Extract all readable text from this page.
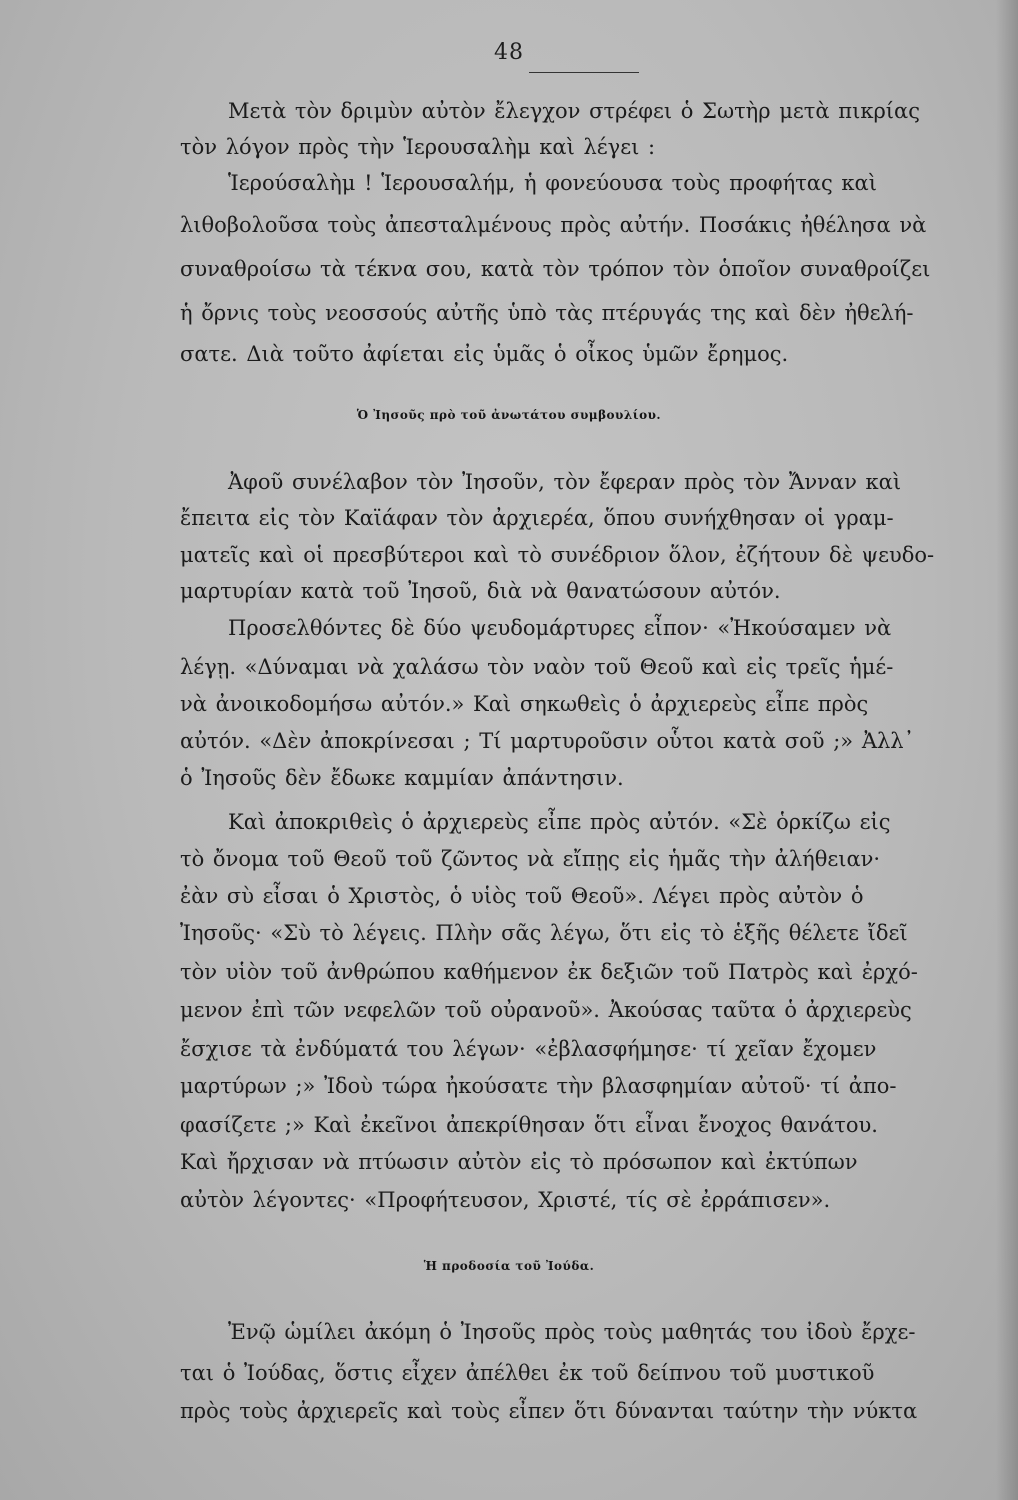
48

Μετὰ τὸν δριμὺν αὐτὸν ἔλεγχον στρέφει ὁ Σωτὴρ μετὰ πικρίας

τὸν λόγον πρὸς τὴν Ἱερουσαλὴμ καὶ λέγει :

Ἱερούσαλὴμ ! Ἱερουσαλήμ, ἡ φονεύουσα τοὺς προφήτας καὶ

λιθοβολοῦσα τοὺς ἀπεσταλμένους πρὸς αὐτήν. Ποσάκις ἠθέλησα νὰ

συναθροίσω τὰ τέκνα σου, κατὰ τὸν τρόπον τὸν ὁποῖον συναθροίζει

ἡ ὄρνις τοὺς νεοσσούς αὐτῆς ὑπὸ τὰς πτέρυγάς της καὶ δὲν ἠθελή-

σατε. Διὰ τοῦτο ἀφίεται εἰς ὑμᾶς ὁ οἶκος ὑμῶν ἔρημος.

Ὁ Ἰησοῦς πρὸ τοῦ ἀνωτάτου συμβουλίου.

Ἀφοῦ συνέλαβον τὸν Ἰησοῦν, τὸν ἔφεραν πρὸς τὸν Ἄνναν καὶ

ἔπειτα εἰς τὸν Καϊάφαν τὸν ἀρχιερέα, ὅπου συνήχθησαν οἱ γραμ-

ματεῖς καὶ οἱ πρεσβύτεροι καὶ τὸ συνέδριον ὅλον, ἐζήτουν δὲ ψευδο-

μαρτυρίαν κατὰ τοῦ Ἰησοῦ, διὰ νὰ θανατώσουν αὐτόν.

Προσελθόντες δὲ δύο ψευδομάρτυρες εἶπον· «Ἠκούσαμεν νὰ

λέγῃ. «Δύναμαι νὰ χαλάσω τὸν ναὸν τοῦ Θεοῦ καὶ εἰς τρεῖς ἡμέ-

νὰ ἀνοικοδομήσω αὐτόν.» Καὶ σηκωθεὶς ὁ ἀρχιερεὺς εἶπε πρὸς

αὐτόν. «Δὲν ἀποκρίνεσαι ; Τί μαρτυροῦσιν οὗτοι κατὰ σοῦ ;» Ἀλλ᾽

ὁ Ἰησοῦς δὲν ἔδωκε καμμίαν ἀπάντησιν.

Καὶ ἀποκριθεὶς ὁ ἀρχιερεὺς εἶπε πρὸς αὐτόν. «Σὲ ὁρκίζω εἰς

τὸ ὄνομα τοῦ Θεοῦ τοῦ ζῶντος νὰ εἴπῃς εἰς ἡμᾶς τὴν ἀλήθειαν·

ἐὰν σὺ εἶσαι ὁ Χριστὸς, ὁ υἱὸς τοῦ Θεοῦ». Λέγει πρὸς αὐτὸν ὁ

Ἰησοῦς· «Σὺ τὸ λέγεις. Πλὴν σᾶς λέγω, ὅτι εἰς τὸ ἑξῆς θέλετε ἴδεῖ

τὸν υἱὸν τοῦ ἀνθρώπου καθήμενον ἐκ δεξιῶν τοῦ Πατρὸς καὶ ἐρχό-

μενον ἐπὶ τῶν νεφελῶν τοῦ οὐρανοῦ». Ἀκούσας ταῦτα ὁ ἀρχιερεὺς

ἔσχισε τὰ ἐνδύματά του λέγων· «ἐβλασφήμησε· τί χεῖαν ἔχομεν

μαρτύρων ;» Ἰδοὺ τώρα ἠκούσατε τὴν βλασφημίαν αὐτοῦ· τί ἀπο-

φασίζετε ;» Καὶ ἐκεῖνοι ἀπεκρίθησαν ὅτι εἶναι ἔνοχος θανάτου.

Καὶ ἤρχισαν νὰ πτύωσιν αὐτὸν εἰς τὸ πρόσωπον καὶ ἐκτύπων

αὐτὸν λέγοντες· «Προφήτευσον, Χριστέ, τίς σὲ ἐρράπισεν».

Ἡ προδοσία τοῦ Ἰούδα.

Ἐνῷ ὡμίλει ἀκόμη ὁ Ἰησοῦς πρὸς τοὺς μαθητάς του ἰδοὺ ἔρχε-

ται ὁ Ἰούδας, ὅστις εἶχεν ἀπέλθει ἐκ τοῦ δείπνου τοῦ μυστικοῦ

πρὸς τοὺς ἀρχιερεῖς καὶ τοὺς εἶπεν ὅτι δύνανται ταύτην τὴν νύκτα
